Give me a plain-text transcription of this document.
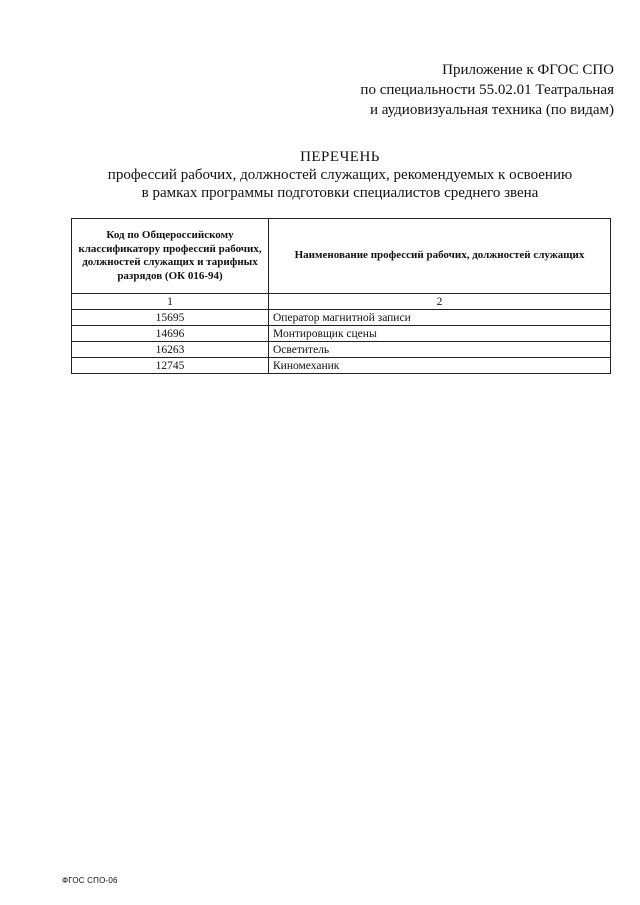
Приложение к ФГОС СПО
по специальности 55.02.01 Театральная
и аудиовизуальная техника (по видам)
ПЕРЕЧЕНЬ
профессий рабочих, должностей служащих, рекомендуемых к освоению
в рамках программы подготовки специалистов среднего звена
Код по Общероссийскому классификатору профессий рабочих, должностей служащих и тарифных разрядов (ОК 016-94)	Наименование профессий рабочих, должностей служащих
1	2
15695	Оператор магнитной записи
14696	Монтировщик сцены
16263	Осветитель
12745	Киномеханик
ФГОС СПО-06
